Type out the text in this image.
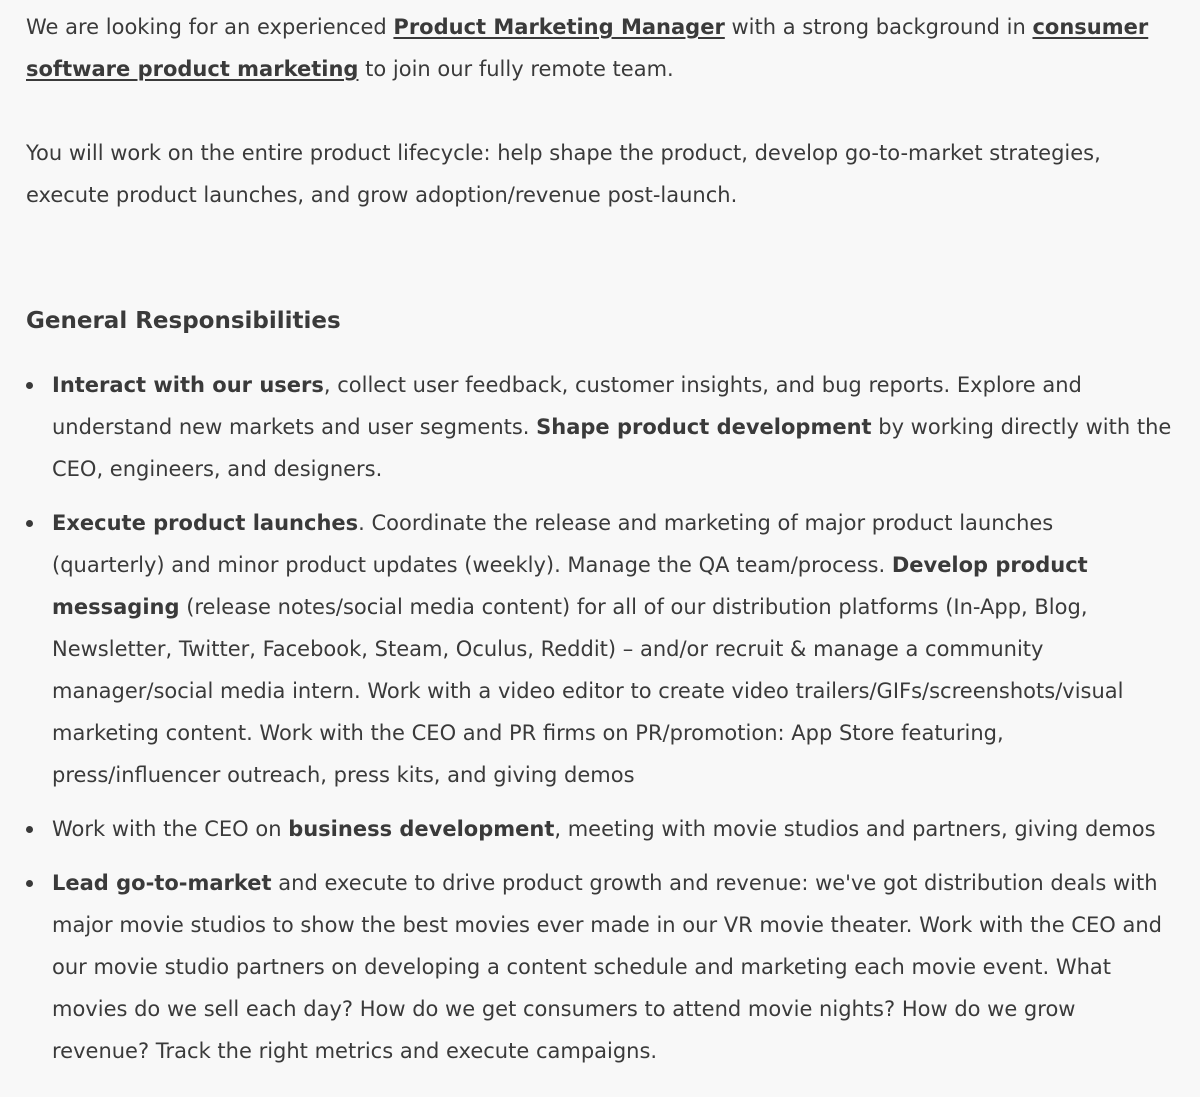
We are looking for an experienced Product Marketing Manager with a strong background in consumer software product marketing to join our fully remote team.

You will work on the entire product lifecycle: help shape the product, develop go-to-market strategies, execute product launches, and grow adoption/revenue post-launch.

General Responsibilities
Interact with our users, collect user feedback, customer insights, and bug reports. Explore and understand new markets and user segments. Shape product development by working directly with the CEO, engineers, and designers.
Execute product launches. Coordinate the release and marketing of major product launches (quarterly) and minor product updates (weekly). Manage the QA team/process. Develop product messaging (release notes/social media content) for all of our distribution platforms (In-App, Blog, Newsletter, Twitter, Facebook, Steam, Oculus, Reddit) – and/or recruit & manage a community manager/social media intern. Work with a video editor to create video trailers/GIFs/screenshots/visual marketing content. Work with the CEO and PR firms on PR/promotion: App Store featuring, press/influencer outreach, press kits, and giving demos
Work with the CEO on business development, meeting with movie studios and partners, giving demos
Lead go-to-market and execute to drive product growth and revenue: we've got distribution deals with major movie studios to show the best movies ever made in our VR movie theater. Work with the CEO and our movie studio partners on developing a content schedule and marketing each movie event. What movies do we sell each day? How do we get consumers to attend movie nights? How do we grow revenue? Track the right metrics and execute campaigns.
